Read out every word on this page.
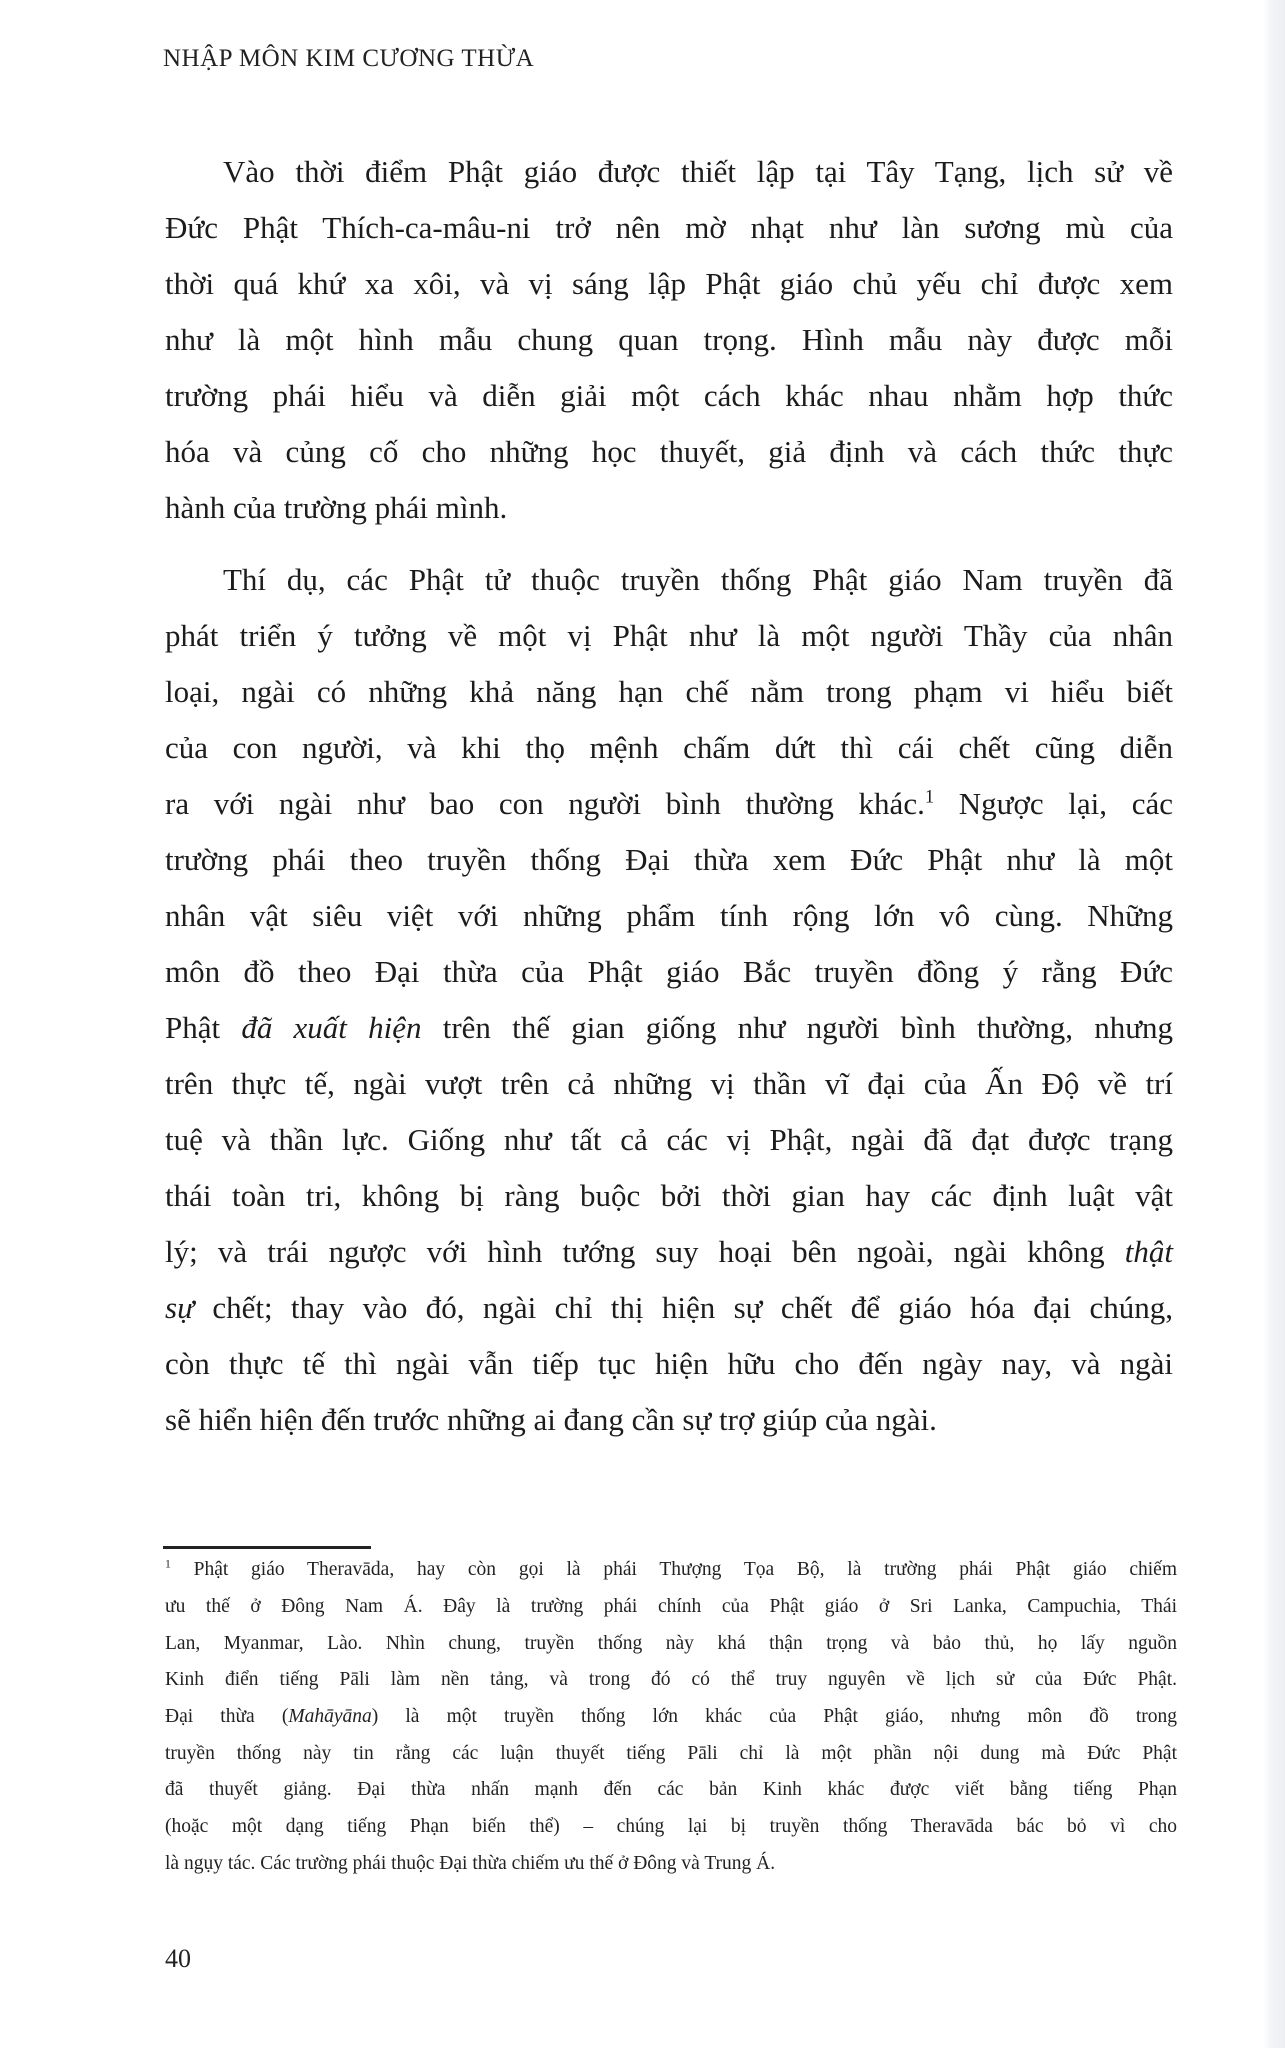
NHẬP MÔN KIM CƯƠNG THỪA
Vào thời điểm Phật giáo được thiết lập tại Tây Tạng, lịch sử về
Đức Phật Thích-ca-mâu-ni trở nên mờ nhạt như làn sương mù của
thời quá khứ xa xôi, và vị sáng lập Phật giáo chủ yếu chỉ được xem
như là một hình mẫu chung quan trọng. Hình mẫu này được mỗi
trường phái hiểu và diễn giải một cách khác nhau nhằm hợp thức
hóa và củng cố cho những học thuyết, giả định và cách thức thực
hành của trường phái mình.
Thí dụ, các Phật tử thuộc truyền thống Phật giáo Nam truyền đã
phát triển ý tưởng về một vị Phật như là một người Thầy của nhân
loại, ngài có những khả năng hạn chế nằm trong phạm vi hiểu biết
của con người, và khi thọ mệnh chấm dứt thì cái chết cũng diễn
ra với ngài như bao con người bình thường khác.$^1$ Ngược lại, các
trường phái theo truyền thống Đại thừa xem Đức Phật như là một
nhân vật siêu việt với những phẩm tính rộng lớn vô cùng. Những
môn đồ theo Đại thừa của Phật giáo Bắc truyền đồng ý rằng Đức
Phật đã xuất hiện trên thế gian giống như người bình thường, nhưng
trên thực tế, ngài vượt trên cả những vị thần vĩ đại của Ấn Độ về trí
tuệ và thần lực. Giống như tất cả các vị Phật, ngài đã đạt được trạng
thái toàn tri, không bị ràng buộc bởi thời gian hay các định luật vật
lý; và trái ngược với hình tướng suy hoại bên ngoài, ngài không thật
sự chết; thay vào đó, ngài chỉ thị hiện sự chết để giáo hóa đại chúng,
còn thực tế thì ngài vẫn tiếp tục hiện hữu cho đến ngày nay, và ngài
sẽ hiển hiện đến trước những ai đang cần sự trợ giúp của ngài.
$^1$ Phật giáo Theravāda, hay còn gọi là phái Thượng Tọa Bộ, là trường phái Phật giáo chiếm
ưu thế ở Đông Nam Á. Đây là trường phái chính của Phật giáo ở Sri Lanka, Campuchia, Thái
Lan, Myanmar, Lào. Nhìn chung, truyền thống này khá thận trọng và bảo thủ, họ lấy nguồn
Kinh điển tiếng Pāli làm nền tảng, và trong đó có thể truy nguyên về lịch sử của Đức Phật.
Đại thừa (Mahāyāna) là một truyền thống lớn khác của Phật giáo, nhưng môn đồ trong
truyền thống này tin rằng các luận thuyết tiếng Pāli chỉ là một phần nội dung mà Đức Phật
đã thuyết giảng. Đại thừa nhấn mạnh đến các bản Kinh khác được viết bằng tiếng Phạn
(hoặc một dạng tiếng Phạn biến thể) – chúng lại bị truyền thống Theravāda bác bỏ vì cho
là ngụy tác. Các trường phái thuộc Đại thừa chiếm ưu thế ở Đông và Trung Á.
40
